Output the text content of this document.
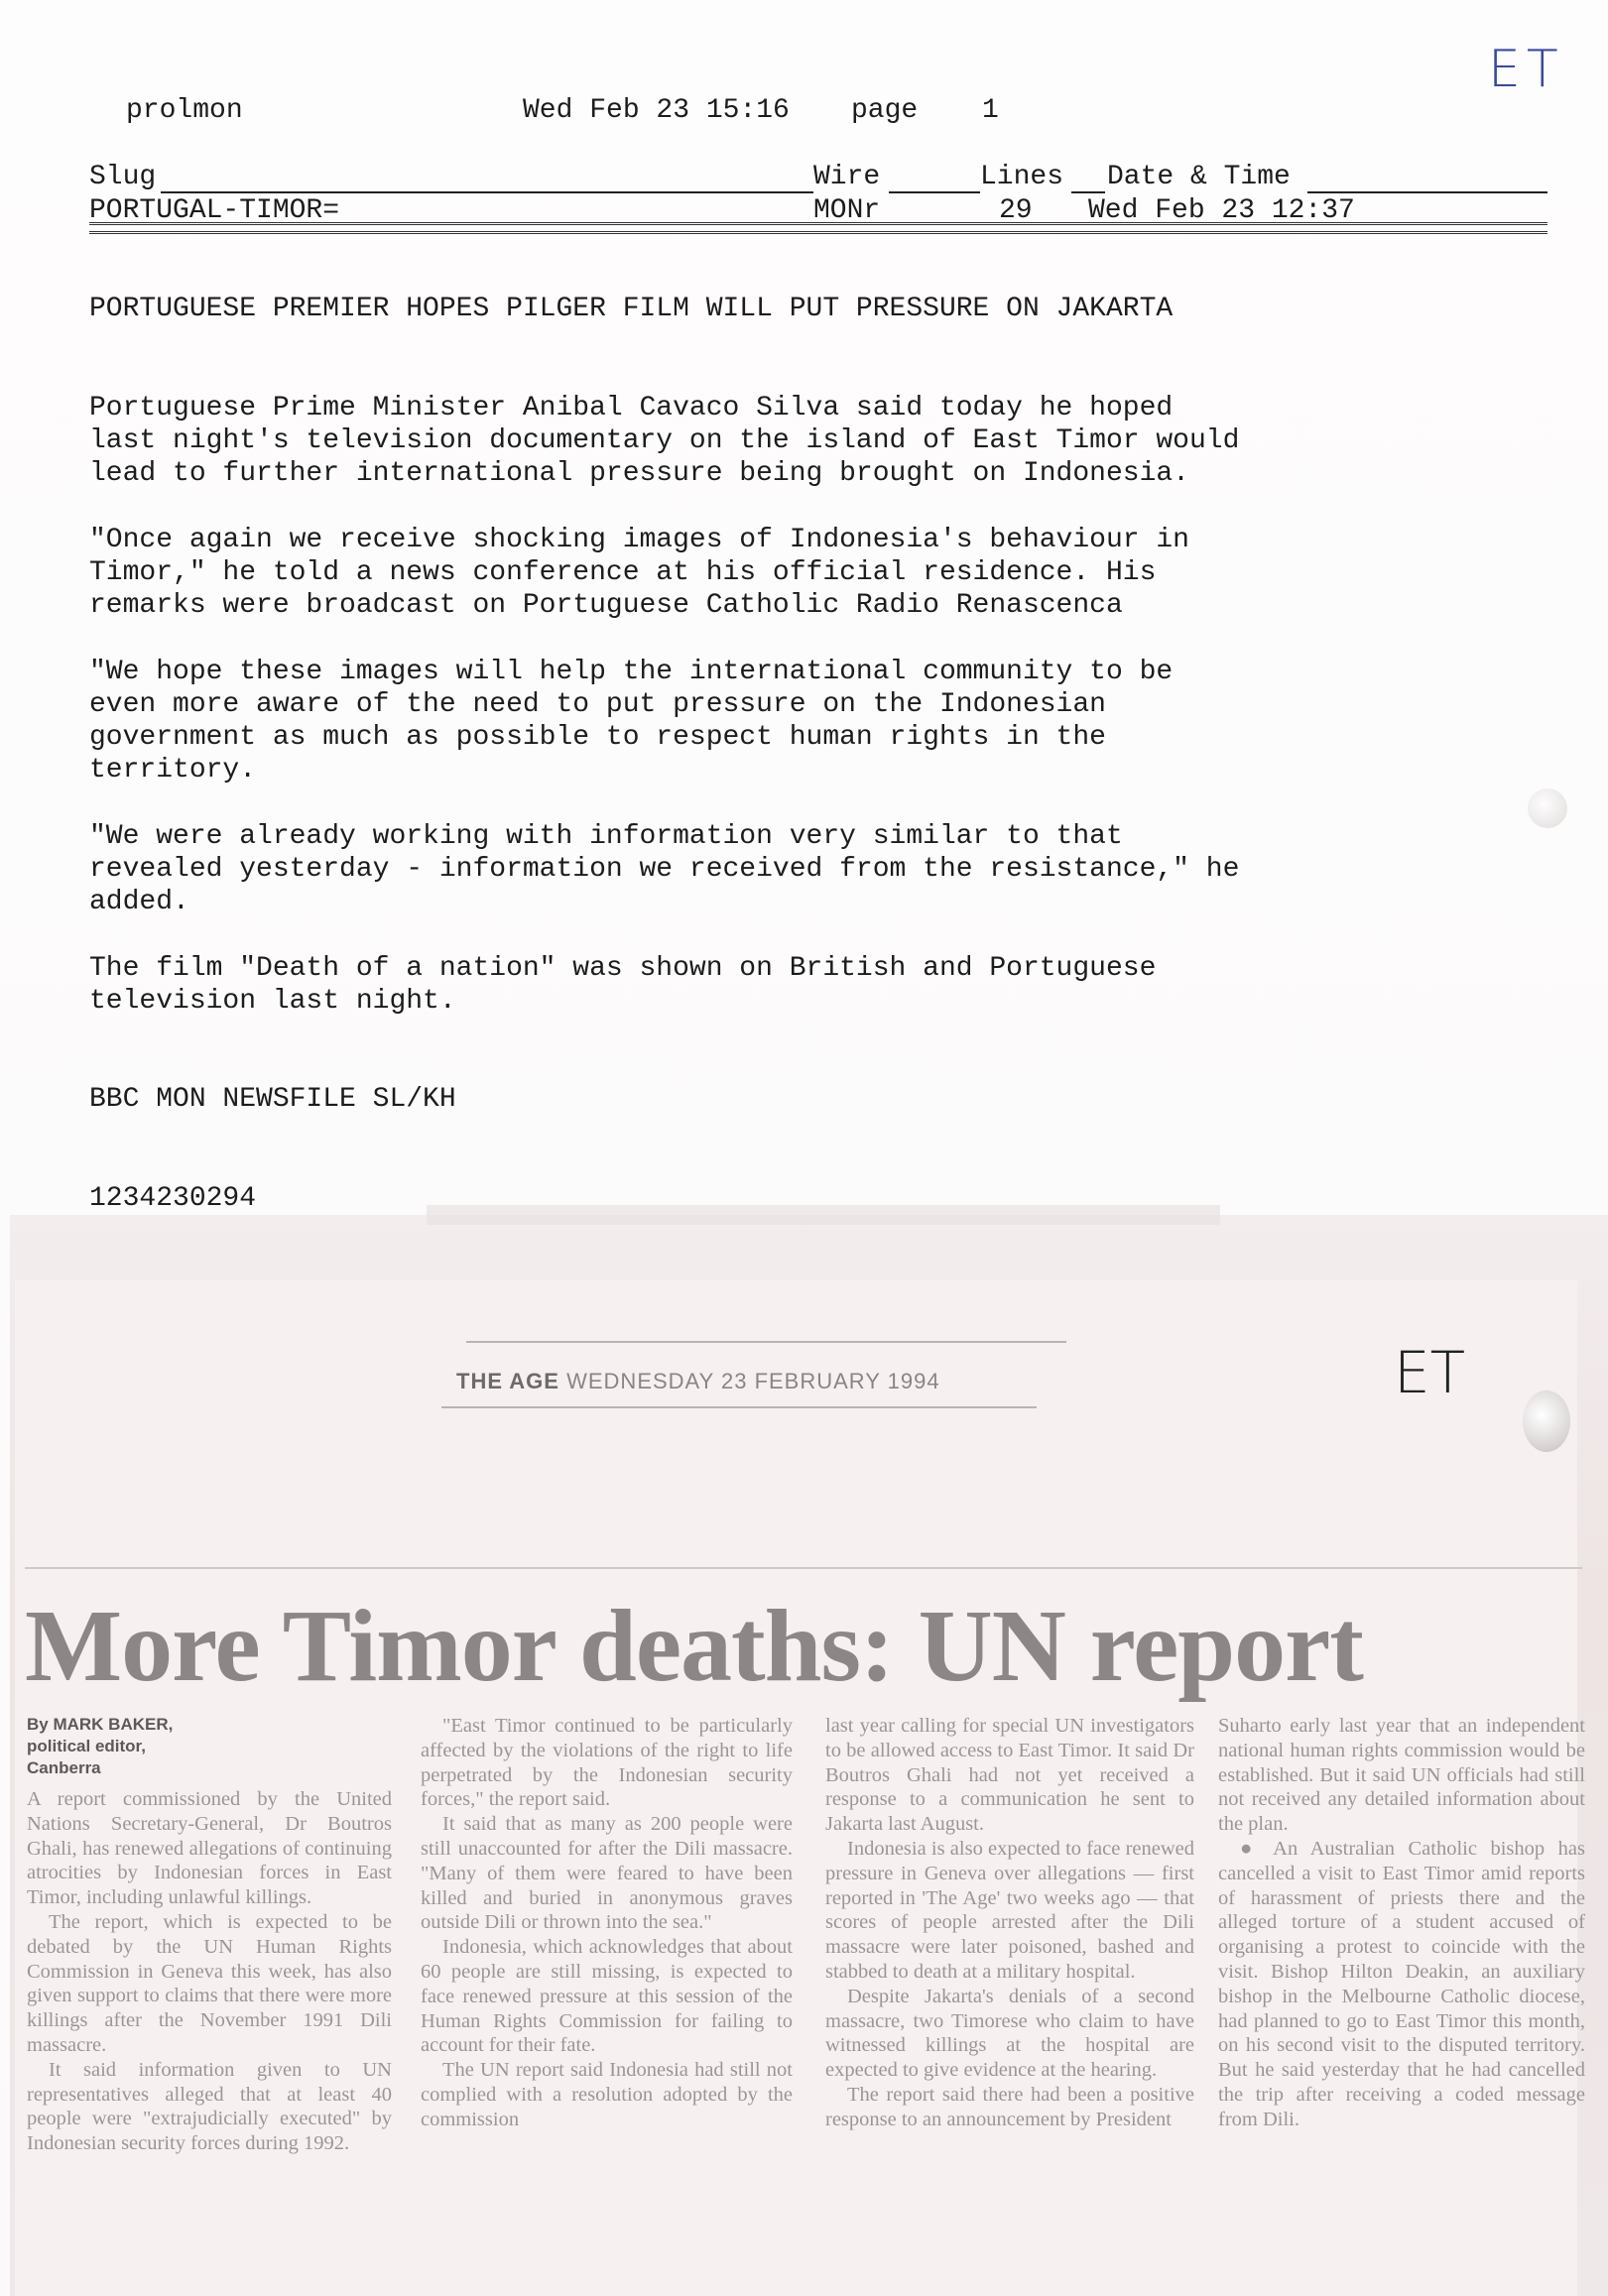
ET
prolmon	Wed Feb 23 15:16 page 1
Slug	Wire	Lines Date & Time
PORTUGAL-TIMOR=	MONr	29 Wed Feb 23 12:37
PORTUGUESE PREMIER HOPES PILGER FILM WILL PUT PRESSURE ON JAKARTA
Portuguese Prime Minister Anibal Cavaco Silva said today he hoped
last night's television documentary on the island of East Timor would
lead to further international pressure being brought on Indonesia.
"Once again we receive shocking images of Indonesia's behaviour in
Timor," he told a news conference at his official residence. His
remarks were broadcast on Portuguese Catholic Radio Renascenca
"We hope these images will help the international community to be
even more aware of the need to put pressure on the Indonesian
government as much as possible to respect human rights in the
territory.
"We were already working with information very similar to that
revealed yesterday - information we received from the resistance," he
added.
The film "Death of a nation" was shown on British and Portuguese
television last night.
BBC MON NEWSFILE SL/KH
1234230294
THE AGE WEDNESDAY 23 FEBRUARY 1994	ET
More Timor deaths: UN report
By MARK BAKER,
political editor,
Canberra

A report commissioned by the United Nations Secretary-General, Dr Boutros Ghali, has renewed allegations of continuing atrocities by Indonesian forces in East Timor, including unlawful killings.

The report, which is expected to be debated by the UN Human Rights Commission in Geneva this week, has also given support to claims that there were more killings after the November 1991 Dili massacre.

It said information given to UN representatives alleged that at least 40 people were "extrajudicially executed" by Indonesian security forces during 1992.

"East Timor continued to be particularly affected by the violations of the right to life perpetrated by the Indonesian security forces," the report said.

It said that as many as 200 people were still unaccounted for after the Dili massacre. "Many of them were feared to have been killed and buried in anonymous graves outside Dili or thrown into the sea."

Indonesia, which acknowledges that about 60 people are still missing, is expected to face renewed pressure at this session of the Human Rights Commission for failing to account for their fate.

The UN report said Indonesia had still not complied with a resolution adopted by the commission

last year calling for special UN investigators to be allowed access to East Timor. It said Dr Boutros Ghali had not yet received a response to a communication he sent to Jakarta last August.

Indonesia is also expected to face renewed pressure in Geneva over allegations — first reported in 'The Age' two weeks ago — that scores of people arrested after the Dili massacre were later poisoned, bashed and stabbed to death at a military hospital.

Despite Jakarta's denials of a second massacre, two Timorese who claim to have witnessed killings at the hospital are expected to give evidence at the hearing.

The report said there had been a positive response to an announcement by President

Suharto early last year that an independent national human rights commission would be established. But it said UN officials had still not received any detailed information about the plan.

● An Australian Catholic bishop has cancelled a visit to East Timor amid reports of harassment of priests there and the alleged torture of a student accused of organising a protest to coincide with the visit. Bishop Hilton Deakin, an auxiliary bishop in the Melbourne Catholic diocese, had planned to go to East Timor this month, on his second visit to the disputed territory. But he said yesterday that he had cancelled the trip after receiving a coded message from Dili.
